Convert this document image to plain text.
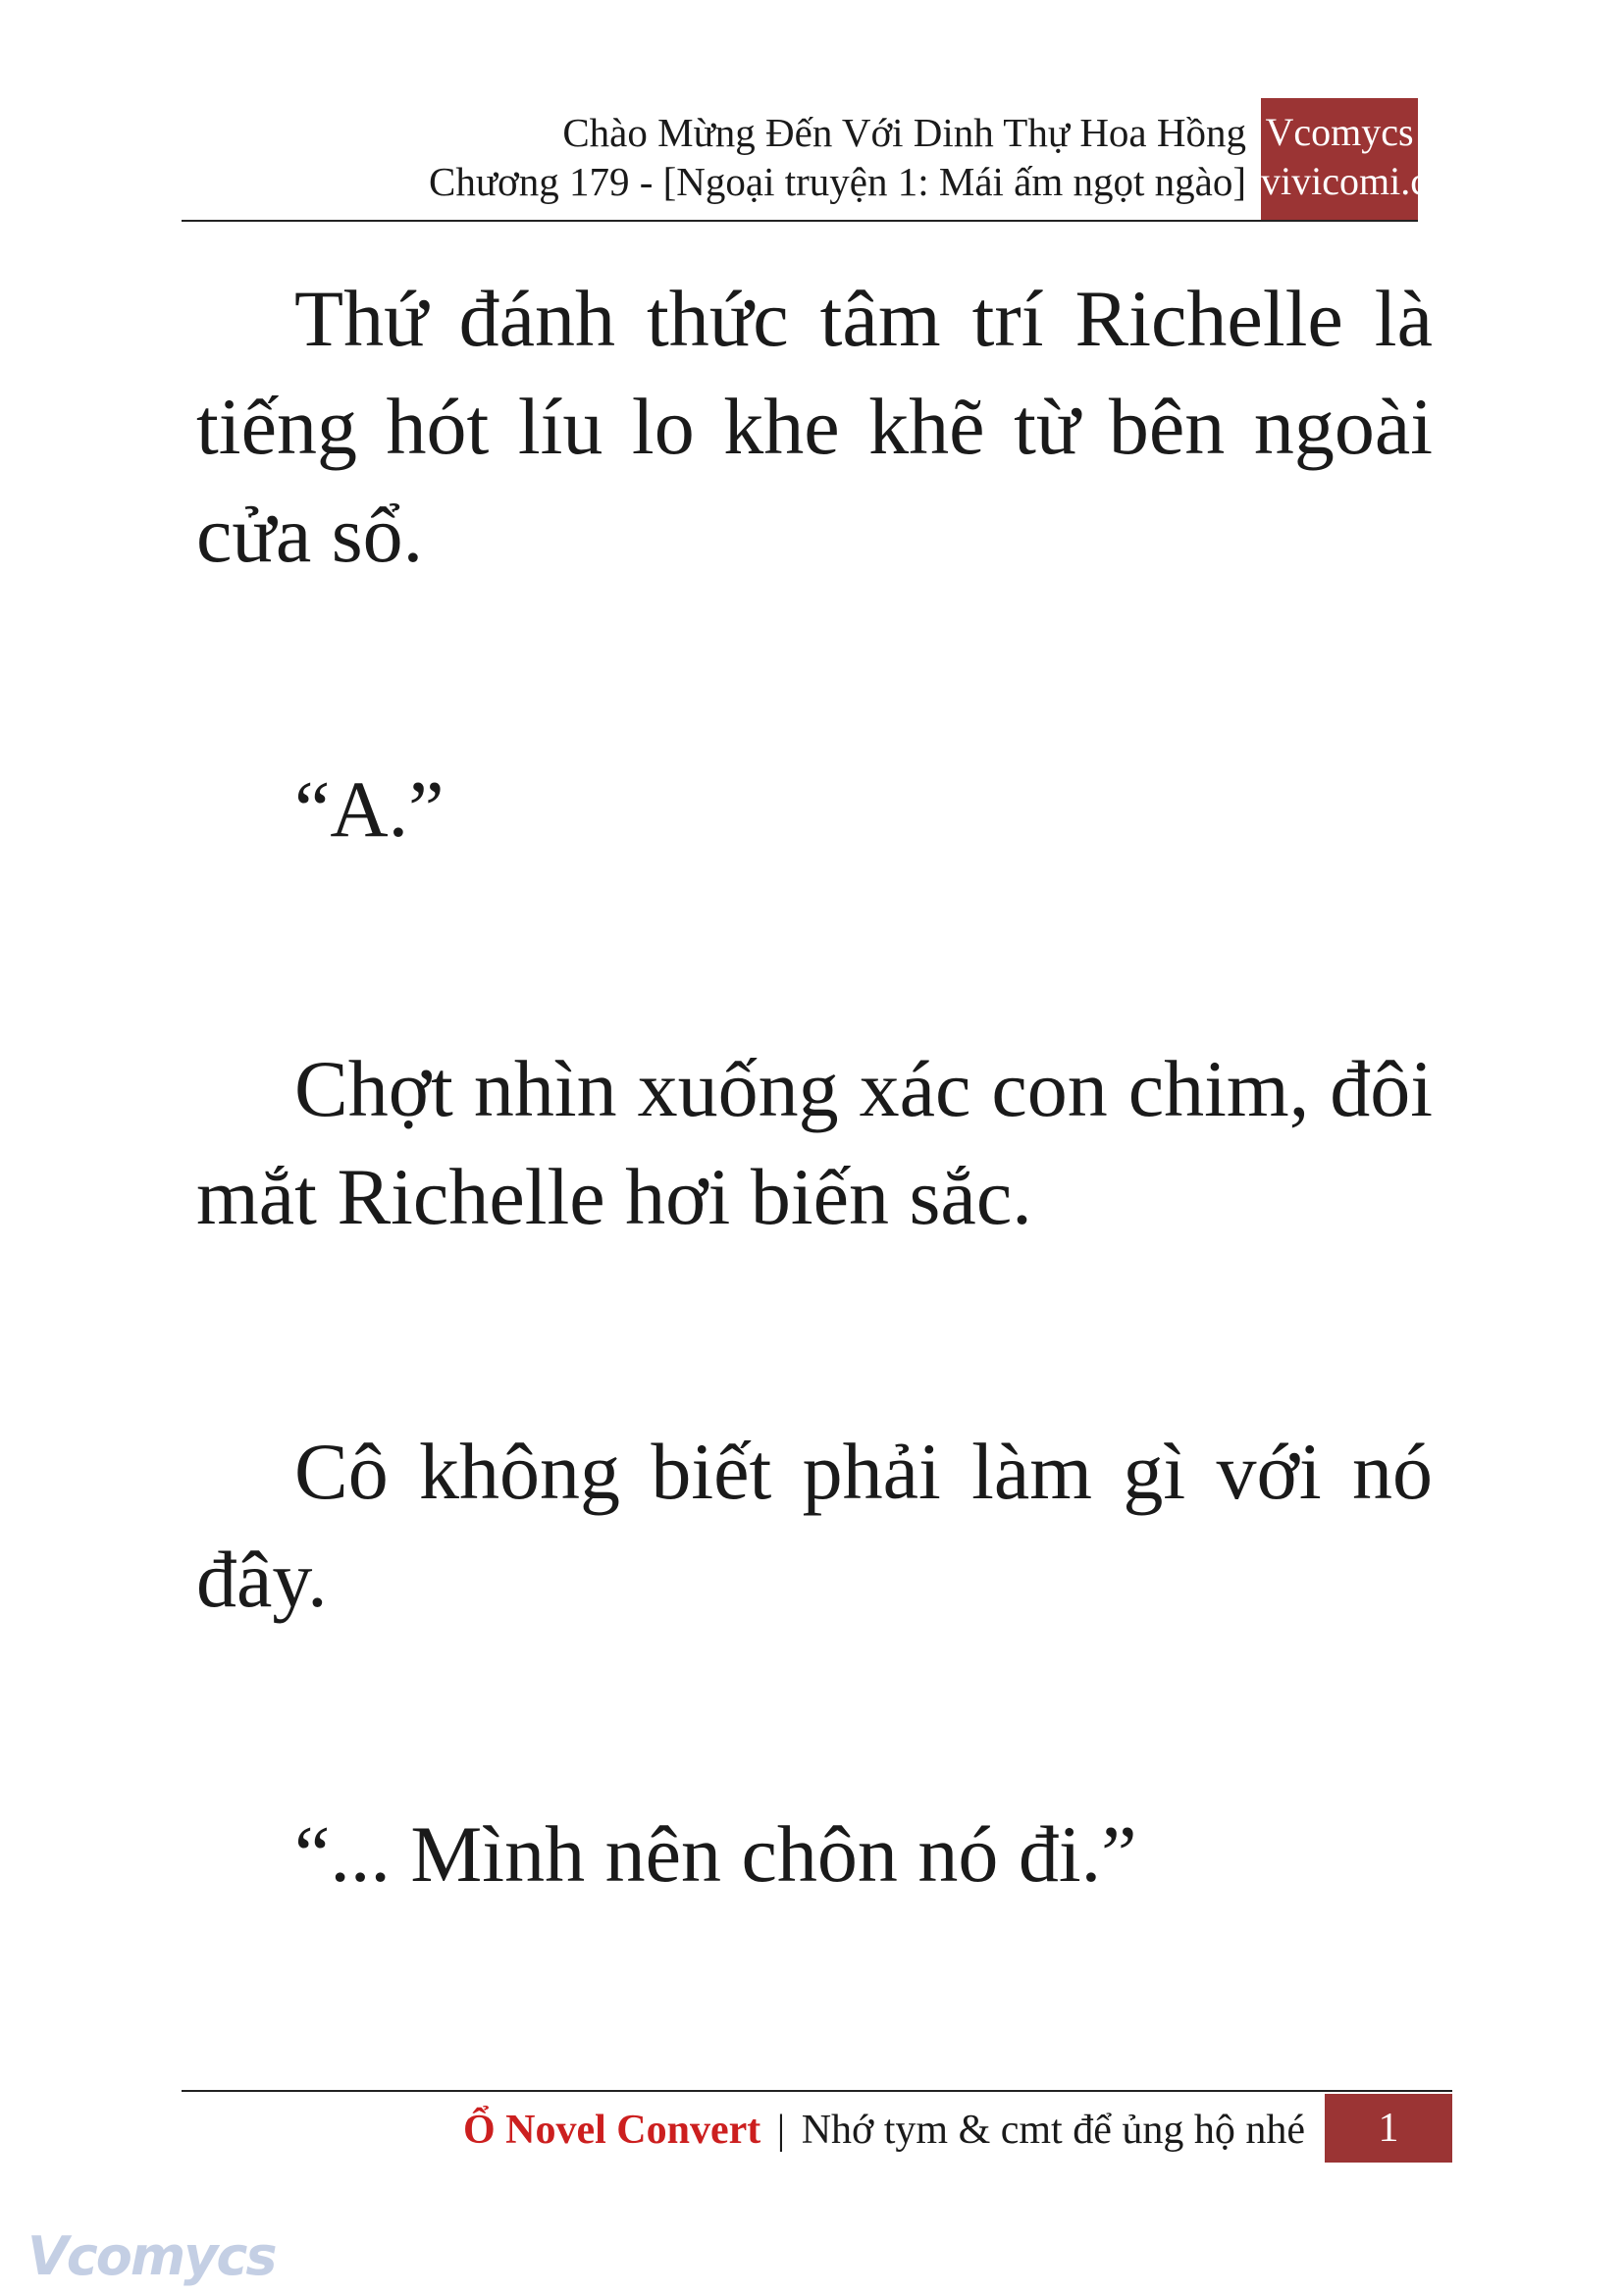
Chào Mừng Đến Với Dinh Thự Hoa Hồng
Chương 179 - [Ngoại truyện 1: Mái ấm ngọt ngào]
Vcomycs
vivicomi.co

Thứ đánh thức tâm trí Richelle là tiếng hót líu lo khe khẽ từ bên ngoài cửa sổ.

“A.”

Chợt nhìn xuống xác con chim, đôi mắt Richelle hơi biến sắc.

Cô không biết phải làm gì với nó đây.

“... Mình nên chôn nó đi.”

Ổ Novel Convert | Nhớ tym & cmt để ủng hộ nhé	1
Vcomycs
